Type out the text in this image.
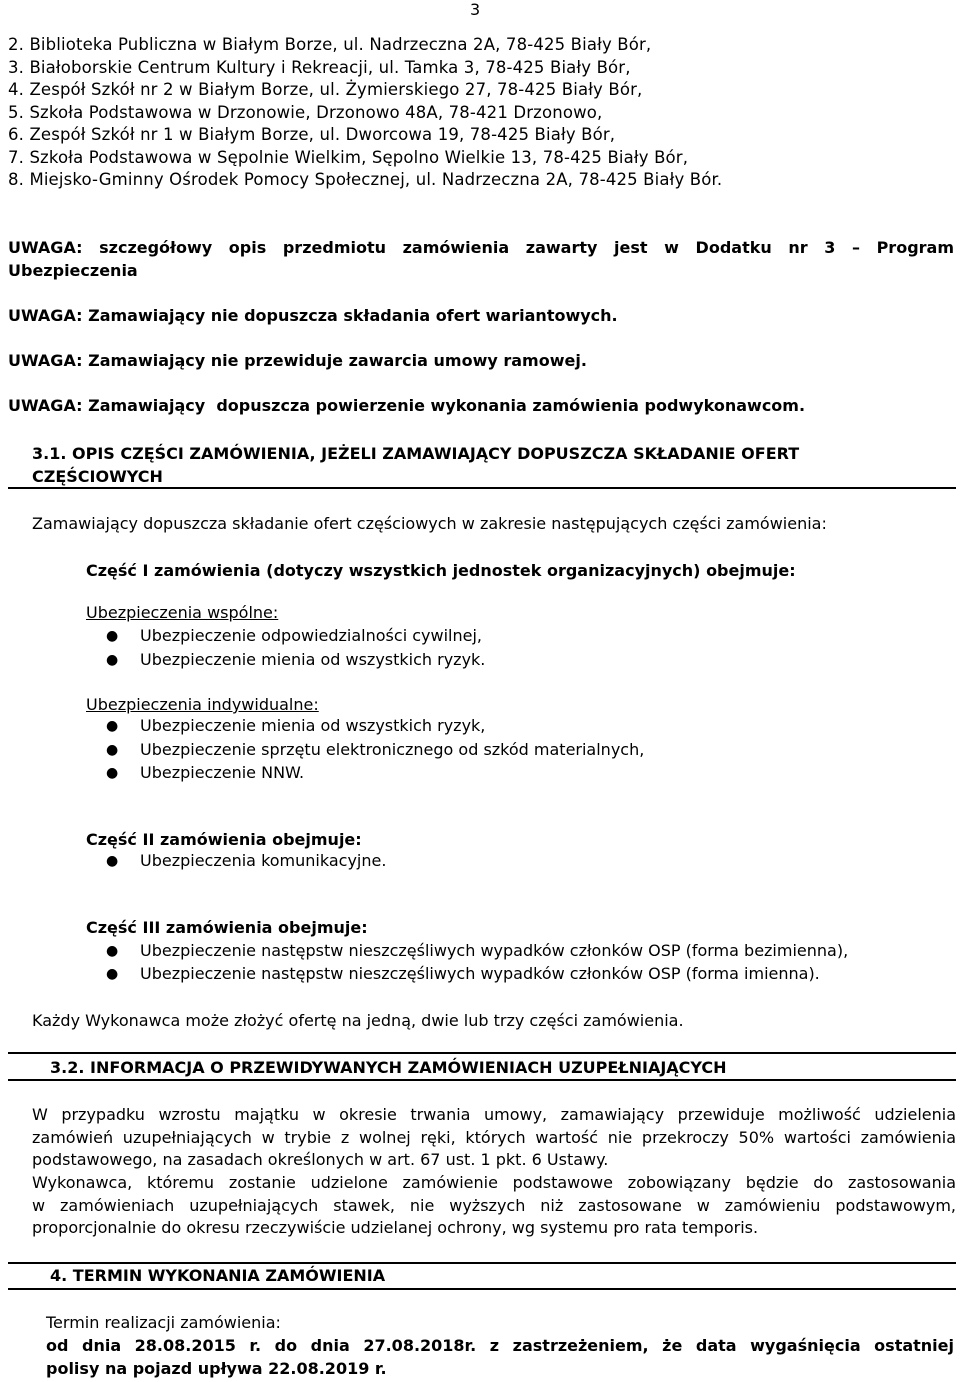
3
2. Biblioteka Publiczna w Białym Borze, ul. Nadrzeczna 2A, 78-425 Biały Bór,
3. Białoborskie Centrum Kultury i Rekreacji, ul. Tamka 3, 78-425 Biały Bór,
4. Zespół Szkół nr 2 w Białym Borze, ul. Żymierskiego 27, 78-425 Biały Bór,
5. Szkoła Podstawowa w Drzonowie, Drzonowo 48A, 78-421 Drzonowo,
6. Zespół Szkół nr 1 w Białym Borze, ul. Dworcowa 19, 78-425 Biały Bór,
7. Szkoła Podstawowa w Sępolnie Wielkim, Sępolno Wielkie 13, 78-425 Biały Bór,
8. Miejsko-Gminny Ośrodek Pomocy Społecznej, ul. Nadrzeczna 2A, 78-425 Biały Bór.
UWAGA: szczegółowy opis przedmiotu zamówienia zawarty jest w Dodatku nr 3 – Program
Ubezpieczenia
UWAGA: Zamawiający nie dopuszcza składania ofert wariantowych.
UWAGA: Zamawiający nie przewiduje zawarcia umowy ramowej.
UWAGA: Zamawiający  dopuszcza powierzenie wykonania zamówienia podwykonawcom.
3.1. OPIS CZĘŚCI ZAMÓWIENIA, JEŻELI ZAMAWIAJĄCY DOPUSZCZA SKŁADANIE OFERT
CZĘŚCIOWYCH
Zamawiający dopuszcza składanie ofert częściowych w zakresie następujących części zamówienia:
Część I zamówienia (dotyczy wszystkich jednostek organizacyjnych) obejmuje:
Ubezpieczenia wspólne:
● Ubezpieczenie odpowiedzialności cywilnej,
● Ubezpieczenie mienia od wszystkich ryzyk.
Ubezpieczenia indywidualne:
● Ubezpieczenie mienia od wszystkich ryzyk,
● Ubezpieczenie sprzętu elektronicznego od szkód materialnych,
● Ubezpieczenie NNW.
Część II zamówienia obejmuje:
● Ubezpieczenia komunikacyjne.
Część III zamówienia obejmuje:
● Ubezpieczenie następstw nieszczęśliwych wypadków członków OSP (forma bezimienna),
● Ubezpieczenie następstw nieszczęśliwych wypadków członków OSP (forma imienna).
Każdy Wykonawca może złożyć ofertę na jedną, dwie lub trzy części zamówienia.
3.2. INFORMACJA O PRZEWIDYWANYCH ZAMÓWIENIACH UZUPEŁNIAJĄCYCH
W przypadku wzrostu majątku w okresie trwania umowy, zamawiający przewiduje możliwość udzielenia
zamówień uzupełniających w trybie z wolnej ręki, których wartość nie przekroczy 50% wartości zamówienia
podstawowego, na zasadach określonych w art. 67 ust. 1 pkt. 6 Ustawy.
Wykonawca, któremu zostanie udzielone zamówienie podstawowe zobowiązany będzie do zastosowania
w zamówieniach uzupełniających stawek, nie wyższych niż zastosowane w zamówieniu podstawowym,
proporcjonalnie do okresu rzeczywiście udzielanej ochrony, wg systemu pro rata temporis.
4. TERMIN WYKONANIA ZAMÓWIENIA
Termin realizacji zamówienia:
od dnia 28.08.2015 r. do dnia 27.08.2018r. z zastrzeżeniem, że data wygaśnięcia ostatniej
polisy na pojazd upływa 22.08.2019 r.
